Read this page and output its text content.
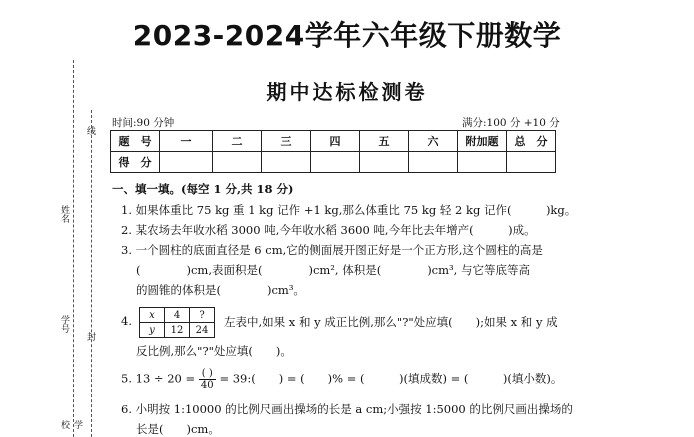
线
封
姓名
学号
学校
2023-2024学年六年级下册数学
期中达标检测卷
时间:90 分钟	满分:100 分 +10 分
题　号	一	二	三	四	五	六	附加题	总　分
得　分								
一、填一填。(每空 1 分,共 18 分)
1. 如果体重比 75 kg 重 1 kg 记作 +1 kg,那么体重比 75 kg 轻 2 kg 记作(　　　)kg。
2. 某农场去年收水稻 3000 吨,今年收水稻 3600 吨,今年比去年增产(　　　)成。
3. 一个圆柱的底面直径是 6 cm,它的侧面展开图正好是一个正方形,这个圆柱的高是
(　　　　)cm,表面积是(　　　　)cm², 体积是(　　　　)cm³, 与它等底等高
的圆锥的体积是(　　　　)cm³。
4. x	4	?
y	12	24
左表中,如果 x 和 y 成正比例,那么"?"处应填(　　);如果 x 和 y 成
反比例,那么"?"处应填(　　)。
5. $13 \div 20 = \frac{( )}{40}$ = 39:(　　) = (　　)% = (　　　)(填成数) = (　　　)(填小数)。
6. 小明按 1:10000 的比例尺画出操场的长是 a cm;小强按 1:5000 的比例尺画出操场的
长是(　　)cm。
